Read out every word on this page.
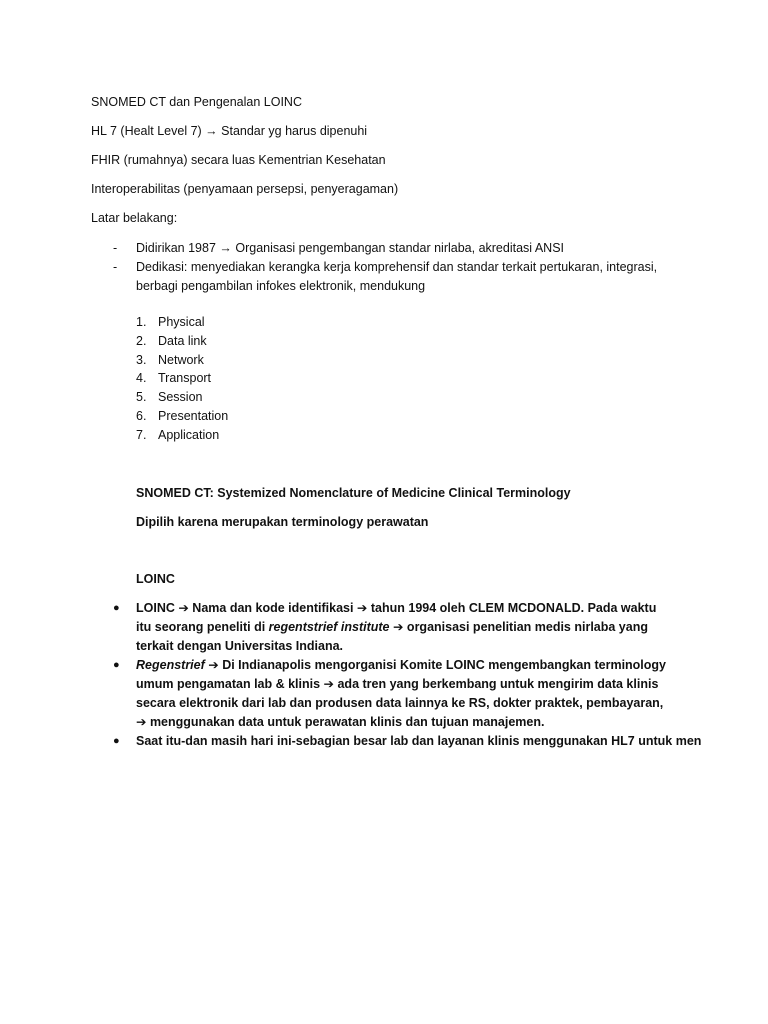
SNOMED CT dan Pengenalan LOINC

HL 7 (Healt Level 7) → Standar yg harus dipenuhi

FHIR (rumahnya) secara luas Kementrian Kesehatan

Interoperabilitas (penyamaan persepsi, penyeragaman)

Latar belakang:

- Didirikan 1987 → Organisasi pengembangan standar nirlaba, akreditasi ANSI
- Dedikasi: menyediakan kerangka kerja komprehensif dan standar terkait pertukaran, integrasi, berbagi pengambilan infokes elektronik, mendukung
1. Physical
2. Data link
3. Network
4. Transport
5. Session
6. Presentation
7. Application

SNOMED CT: Systemized Nomenclature of Medicine Clinical Terminology

Dipilih karena merupakan terminology perawatan

LOINC

● LOINC ➔ Nama dan kode identifikasi ➔ tahun 1994 oleh CLEM MCDONALD. Pada waktu itu seorang peneliti di regentstrief institute ➔ organisasi penelitian medis nirlaba yang terkait dengan Universitas Indiana.
● Regenstrief ➔ Di Indianapolis mengorganisi Komite LOINC mengembangkan terminology umum pengamatan lab & klinis ➔ ada tren yang berkembang untuk mengirim data klinis secara elektronik dari lab dan produsen data lainnya ke RS, dokter praktek, pembayaran, ➔ menggunakan data untuk perawatan klinis dan tujuan manajemen.
● Saat itu-dan masih hari ini-sebagian besar lab dan layanan klinis menggunakan HL7 untuk men
